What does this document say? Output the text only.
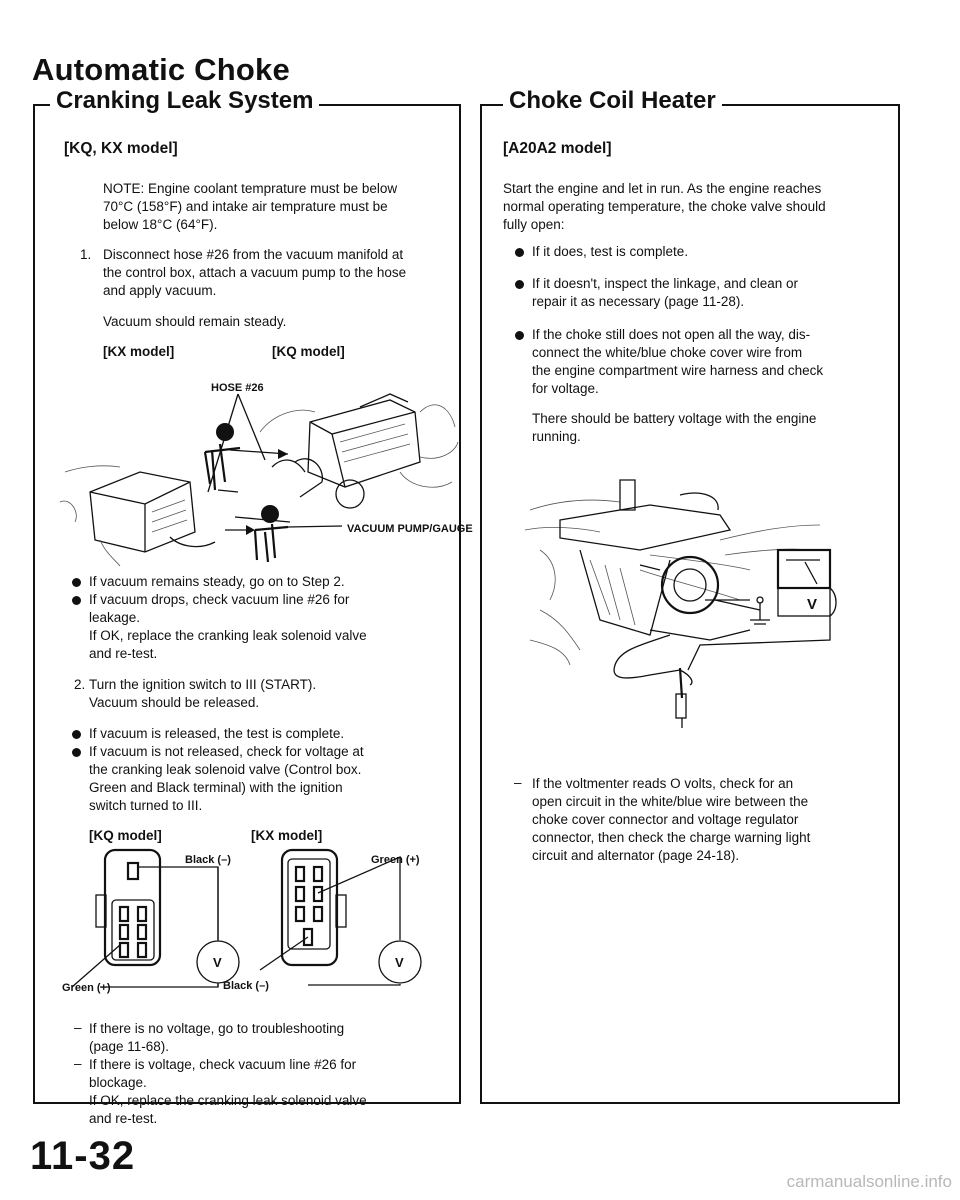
Automatic Choke
Cranking Leak System
[KQ, KX model]
NOTE: Engine coolant temprature must be below
70°C (158°F) and intake air temprature must be
below 18°C (64°F).
1. Disconnect hose #26 from the vacuum manifold at
the control box, attach a vacuum pump to the hose
and apply vacuum.
Vacuum should remain steady.
[KX model]	[KQ model]
HOSE #26
VACUUM PUMP/GAUGE
If vacuum remains steady, go on to Step 2.
If vacuum drops, check vacuum line #26 for
leakage.
If OK, replace the cranking leak solenoid valve
and re-test.
2. Turn the ignition switch to III (START).
Vacuum should be released.
If vacuum is released, the test is complete.
If vacuum is not released, check for voltage at
the cranking leak solenoid valve (Control box.
Green and Black terminal) with the ignition
switch turned to III.
[KQ model]	[KX model]
V	V
Black (–)
Green (+)
Green (+)
Black (–)
– If there is no voltage, go to troubleshooting
(page 11-68).
– If there is voltage, check vacuum line #26 for
blockage.
If OK, replace the cranking leak solenoid valve
and re-test.
Choke Coil Heater
[A20A2 model]
Start the engine and let in run. As the engine reaches
normal operating temperature, the choke valve should
fully open:
If it does, test is complete.
If it doesn't, inspect the linkage, and clean or
repair it as necessary (page 11-28).
If the choke still does not open all the way, dis-
connect the white/blue choke cover wire from
the engine compartment wire harness and check
for voltage.
There should be battery voltage with the engine
running.
V
– If the voltmenter reads O volts, check for an
open circuit in the white/blue wire between the
choke cover connector and voltage regulator
connector, then check the charge warning light
circuit and alternator (page 24-18).
11-32
carmanualsonline.info
